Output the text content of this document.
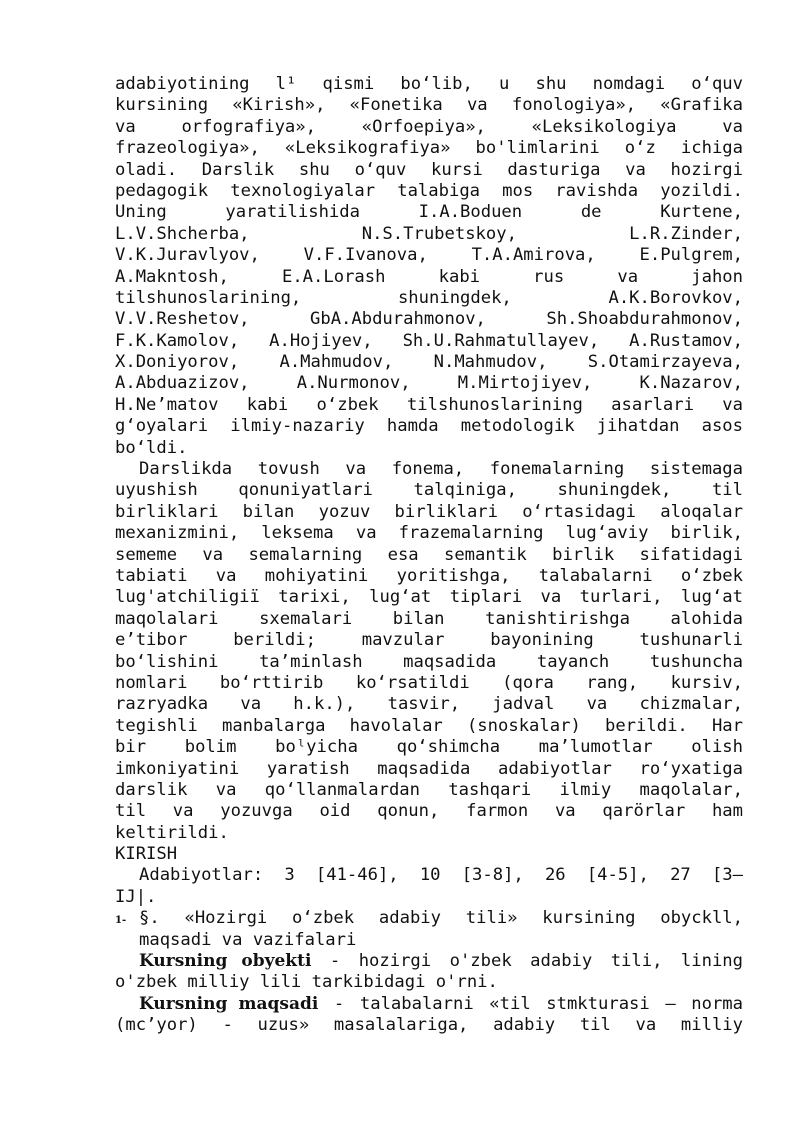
adabiyotining l¹ qismi bo‘lib, u shu nomdagi o‘quv
kursining «Kirish», «Fonetika va fonologiya», «Grafika
va orfografiya», «Orfoepiya», «Leksikologiya va
frazeologiya», «Leksikografiya» bo'limlarini o‘z ichiga
oladi. Darslik shu o‘quv kursi dasturiga va hozirgi
pedagogik texnologiyalar talabiga mos ravishda yozildi.
Uning yaratilishida I.A.Boduen de Kurtene,
L.V.Shcherba, N.S.Trubetskoy, L.R.Zinder,
V.K.Juravlyov, V.F.Ivanova, T.A.Amirova, E.Pulgrem,
A.Makntosh, E.A.Lorash kabi rus va jahon
tilshunoslarining, shuningdek, A.K.Borovkov,
V.V.Reshetov, GbA.Abdurahmonov, Sh.Shoabdurahmonov,
F.K.Kamolov, A.Hojiyev, Sh.U.Rahmatullayev, A.Rustamov,
X.Doniyorov, A.Mahmudov, N.Mahmudov, S.Otamirzayeva,
A.Abduazizov, A.Nurmonov, M.Mirtojiyev, K.Nazarov,
H.Ne’matov kabi o‘zbek tilshunoslarining asarlari va
g‘oyalari ilmiy-nazariy hamda metodologik jihatdan asos
bo‘ldi.
Darslikda tovush va fonema, fonemalarning sistemaga
uyushish qonuniyatlari talqiniga, shuningdek, til
birliklari bilan yozuv birliklari o‘rtasidagi aloqalar
mexanizmini, leksema va frazemalarning lug‘aviy birlik,
sememe va semalarning esa semantik birlik sifatidagi
tabiati va mohiyatini yoritishga, talabalarni o‘zbek
lug'atchiligiï tarixi, lug‘at tiplari va turlari, lug‘at
maqolalari sxemalari bilan tanishtirishga alohida
e’tibor berildi; mavzular bayonining tushunarli
bo‘lishini ta’minlash maqsadida tayanch tushuncha
nomlari bo‘rttirib ko‘rsatildi (qora rang, kursiv,
razryadka va h.k.), tasvir, jadval va chizmalar,
tegishli manbalarga havolalar (snoskalar) berildi. Har
bir bolim boˡyicha qo‘shimcha ma’lumotlar olish
imkoniyatini yaratish maqsadida adabiyotlar ro‘yxatiga
darslik va qo‘llanmalardan tashqari ilmiy maqolalar,
til va yozuvga oid qonun, farmon va qarörlar ham
keltirildi.
KIRISH
Adabiyotlar: 3 [41-46], 10 [3-8], 26 [4-5], 27 [3—
IJ|.
1- §. «Hozirgi o‘zbek adabiy tili» kursining obyckll,
maqsadi va vazifalari
Kursning obyekti - hozirgi o'zbek adabiy tili, lining
o'zbek milliy lili tarkibidagi o'rni.
Kursning maqsadi - talabalarni «til stmkturasi — norma
(mc’yor) - uzus» masalalariga, adabiy til va milliy
